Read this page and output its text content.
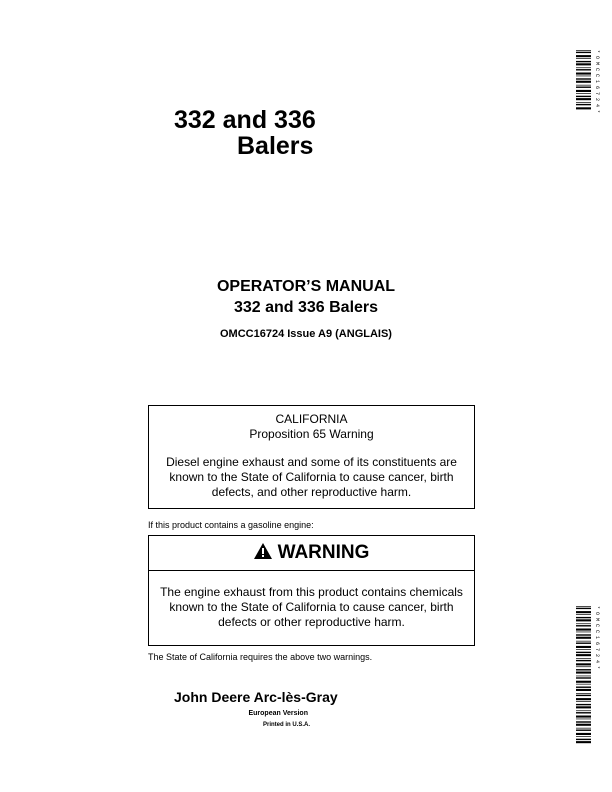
332 and 336
Balers
OPERATOR’S MANUAL
332 and 336 Balers
OMCC16724 Issue A9 (ANGLAIS)
CALIFORNIA
Proposition 65 Warning
Diesel engine exhaust and some of its constituents are known to the State of California to cause cancer, birth defects, and other reproductive harm.
If this product contains a gasoline engine:
WARNING
The engine exhaust from this product contains chemicals known to the State of California to cause cancer, birth defects or other reproductive harm.
The State of California requires the above two warnings.
John Deere Arc-lès-Gray
European Version
Printed in U.S.A.
* O M C C 1 6 7 2 4 *
* O M C C 1 6 7 2 4 *
